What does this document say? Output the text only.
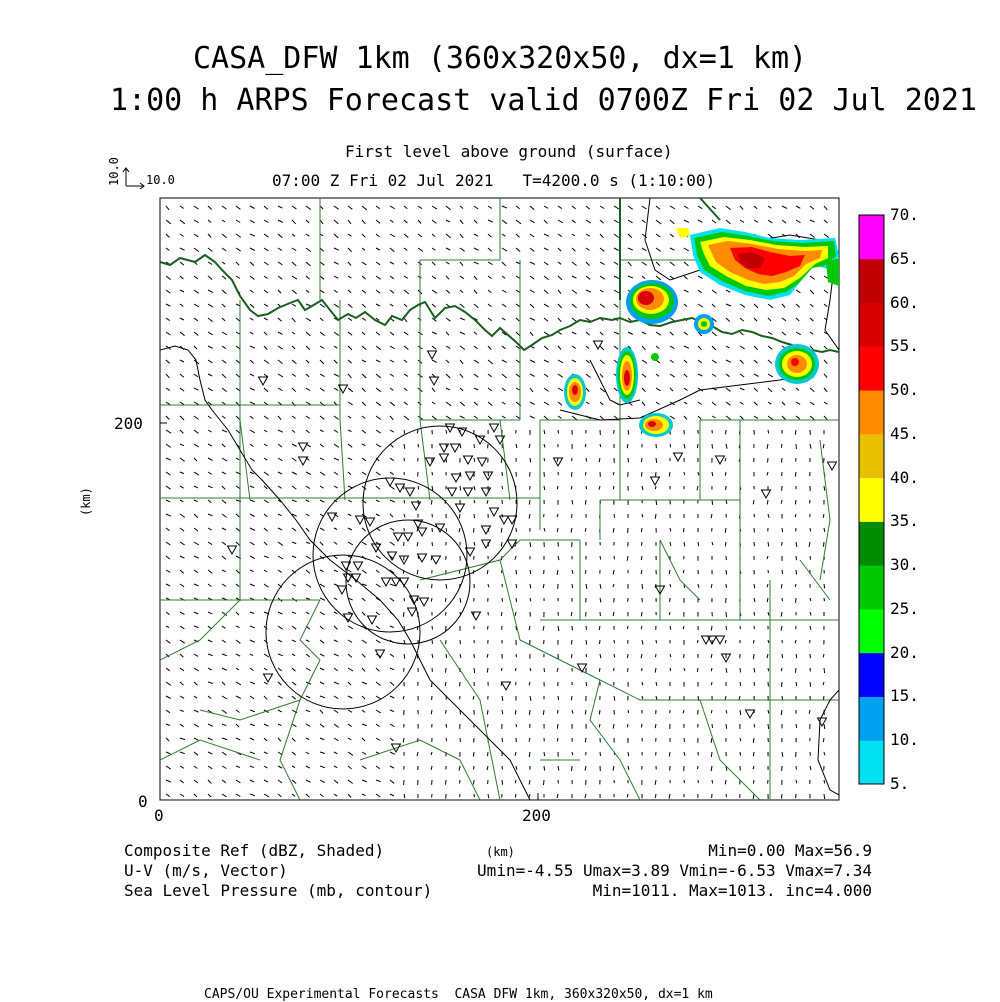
CASA_DFW 1km (360x320x50, dx=1 km)
1:00 h ARPS Forecast valid 0700Z Fri 02 Jul 2021
First level above ground (surface)
07:00 Z Fri 02 Jul 2021   T=4200.0 s (1:10:00)
10.0 10.0
200
0
0	200
(km)
(km)
5.
10.
15.
20.
25.
30.
35.
40.
45.
50.
55.
60.
65.
70.
Composite Ref (dBZ, Shaded)
U-V (m/s, Vector)
Sea Level Pressure (mb, contour)
Min=0.00 Max=56.9
Umin=-4.55 Umax=3.89 Vmin=-6.53 Vmax=7.34
Min=1011. Max=1013. inc=4.000
CAPS/OU Experimental Forecasts  CASA DFW 1km, 360x320x50, dx=1 km
